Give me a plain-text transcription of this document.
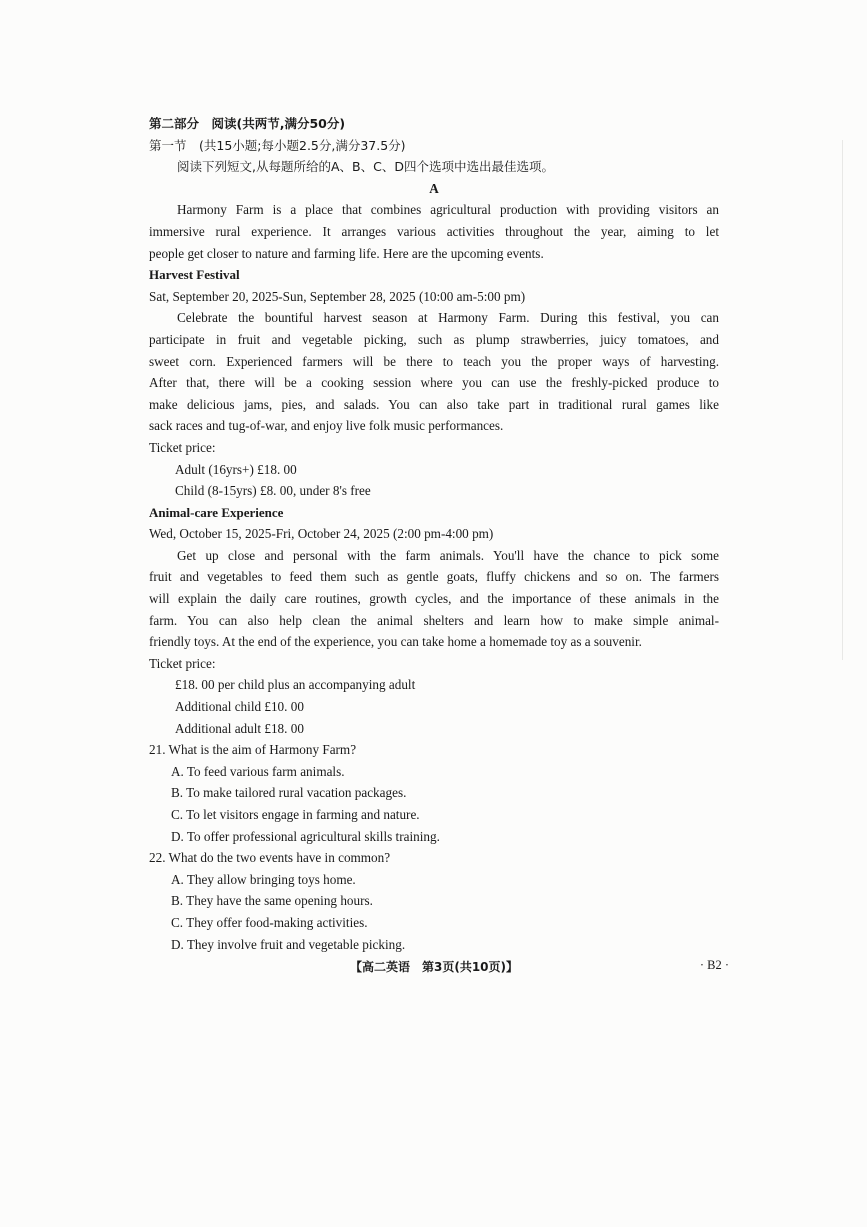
第二部分　阅读(共两节,满分50分)
第一节　(共15小题;每小题2.5分,满分37.5分)
阅读下列短文,从每题所给的A、B、C、D四个选项中选出最佳选项。
A
Harmony Farm is a place that combines agricultural production with providing visitors an
immersive rural experience. It arranges various activities throughout the year, aiming to let
people get closer to nature and farming life. Here are the upcoming events.
Harvest Festival
Sat, September 20, 2025-Sun, September 28, 2025 (10:00 am-5:00 pm)
Celebrate the bountiful harvest season at Harmony Farm. During this festival, you can
participate in fruit and vegetable picking, such as plump strawberries, juicy tomatoes, and
sweet corn. Experienced farmers will be there to teach you the proper ways of harvesting.
After that, there will be a cooking session where you can use the freshly-picked produce to
make delicious jams, pies, and salads. You can also take part in traditional rural games like
sack races and tug-of-war, and enjoy live folk music performances.
Ticket price:
Adult (16yrs+) £18. 00
Child (8-15yrs) £8. 00, under 8's free
Animal-care Experience
Wed, October 15, 2025-Fri, October 24, 2025 (2:00 pm-4:00 pm)
Get up close and personal with the farm animals. You'll have the chance to pick some
fruit and vegetables to feed them such as gentle goats, fluffy chickens and so on. The farmers
will explain the daily care routines, growth cycles, and the importance of these animals in the
farm. You can also help clean the animal shelters and learn how to make simple animal-
friendly toys. At the end of the experience, you can take home a homemade toy as a souvenir.
Ticket price:
£18. 00 per child plus an accompanying adult
Additional child £10. 00
Additional adult £18. 00
21. What is the aim of Harmony Farm?
A. To feed various farm animals.
B. To make tailored rural vacation packages.
C. To let visitors engage in farming and nature.
D. To offer professional agricultural skills training.
22. What do the two events have in common?
A. They allow bringing toys home.
B. They have the same opening hours.
C. They offer food-making activities.
D. They involve fruit and vegetable picking.
【高二英语　第3页(共10页)】	· B2 ·
